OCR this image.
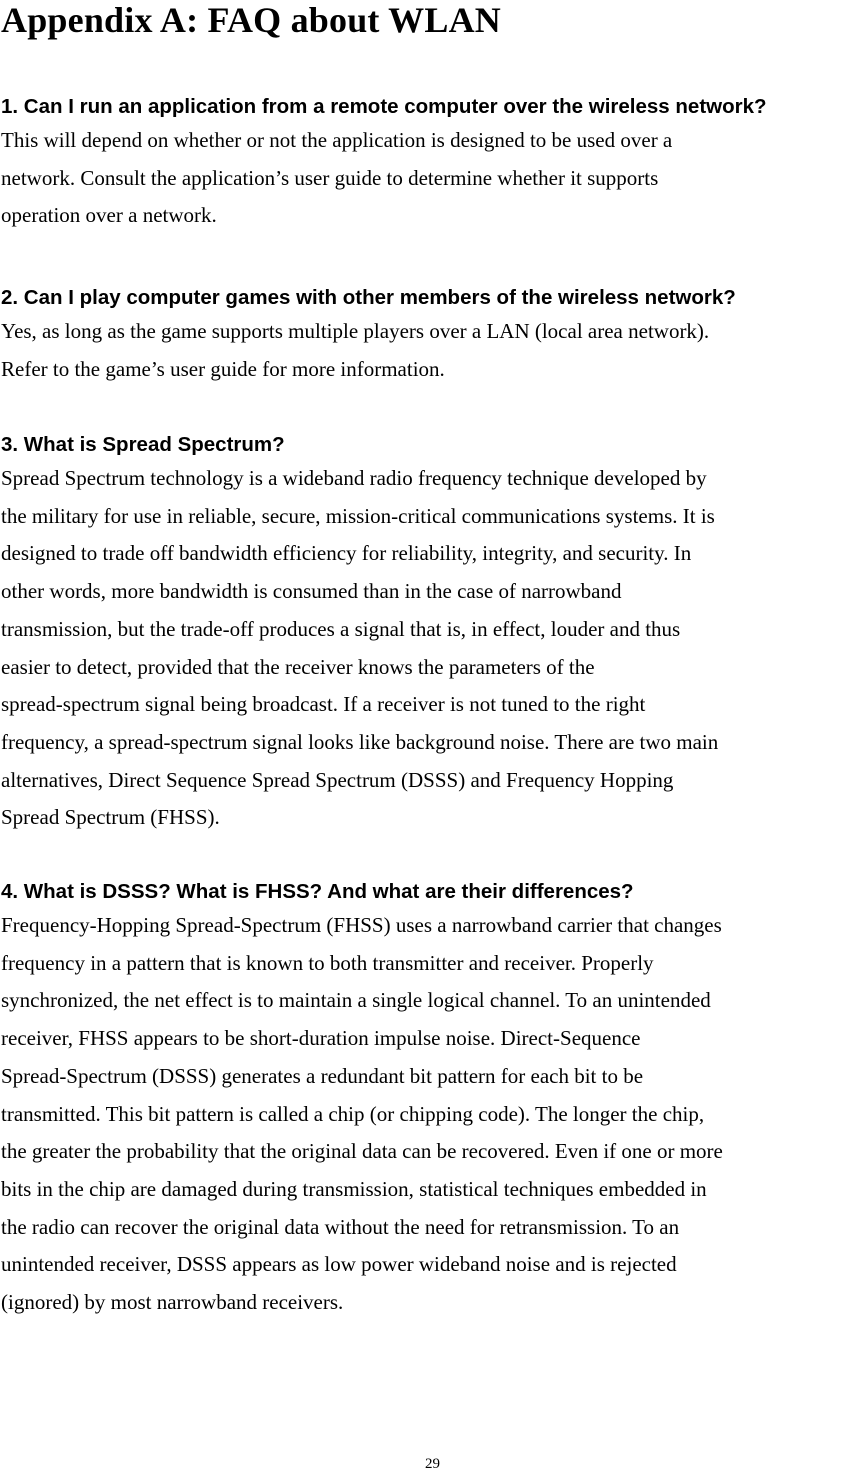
Appendix A: FAQ about WLAN
1. Can I run an application from a remote computer over the wireless network?

This will depend on whether or not the application is designed to be used over a
network. Consult the application’s user guide to determine whether it supports
operation over a network.

2. Can I play computer games with other members of the wireless network?

Yes, as long as the game supports multiple players over a LAN (local area network).
Refer to the game’s user guide for more information.

3. What is Spread Spectrum?

Spread Spectrum technology is a wideband radio frequency technique developed by
the military for use in reliable, secure, mission-critical communications systems. It is
designed to trade off bandwidth efficiency for reliability, integrity, and security. In
other words, more bandwidth is consumed than in the case of narrowband
transmission, but the trade-off produces a signal that is, in effect, louder and thus
easier to detect, provided that the receiver knows the parameters of the
spread-spectrum signal being broadcast. If a receiver is not tuned to the right
frequency, a spread-spectrum signal looks like background noise. There are two main
alternatives, Direct Sequence Spread Spectrum (DSSS) and Frequency Hopping
Spread Spectrum (FHSS).

4. What is DSSS? What is FHSS? And what are their differences?

Frequency-Hopping Spread-Spectrum (FHSS) uses a narrowband carrier that changes
frequency in a pattern that is known to both transmitter and receiver. Properly
synchronized, the net effect is to maintain a single logical channel. To an unintended
receiver, FHSS appears to be short-duration impulse noise. Direct-Sequence
Spread-Spectrum (DSSS) generates a redundant bit pattern for each bit to be
transmitted. This bit pattern is called a chip (or chipping code). The longer the chip,
the greater the probability that the original data can be recovered. Even if one or more
bits in the chip are damaged during transmission, statistical techniques embedded in
the radio can recover the original data without the need for retransmission. To an
unintended receiver, DSSS appears as low power wideband noise and is rejected
(ignored) by most narrowband receivers.

29
